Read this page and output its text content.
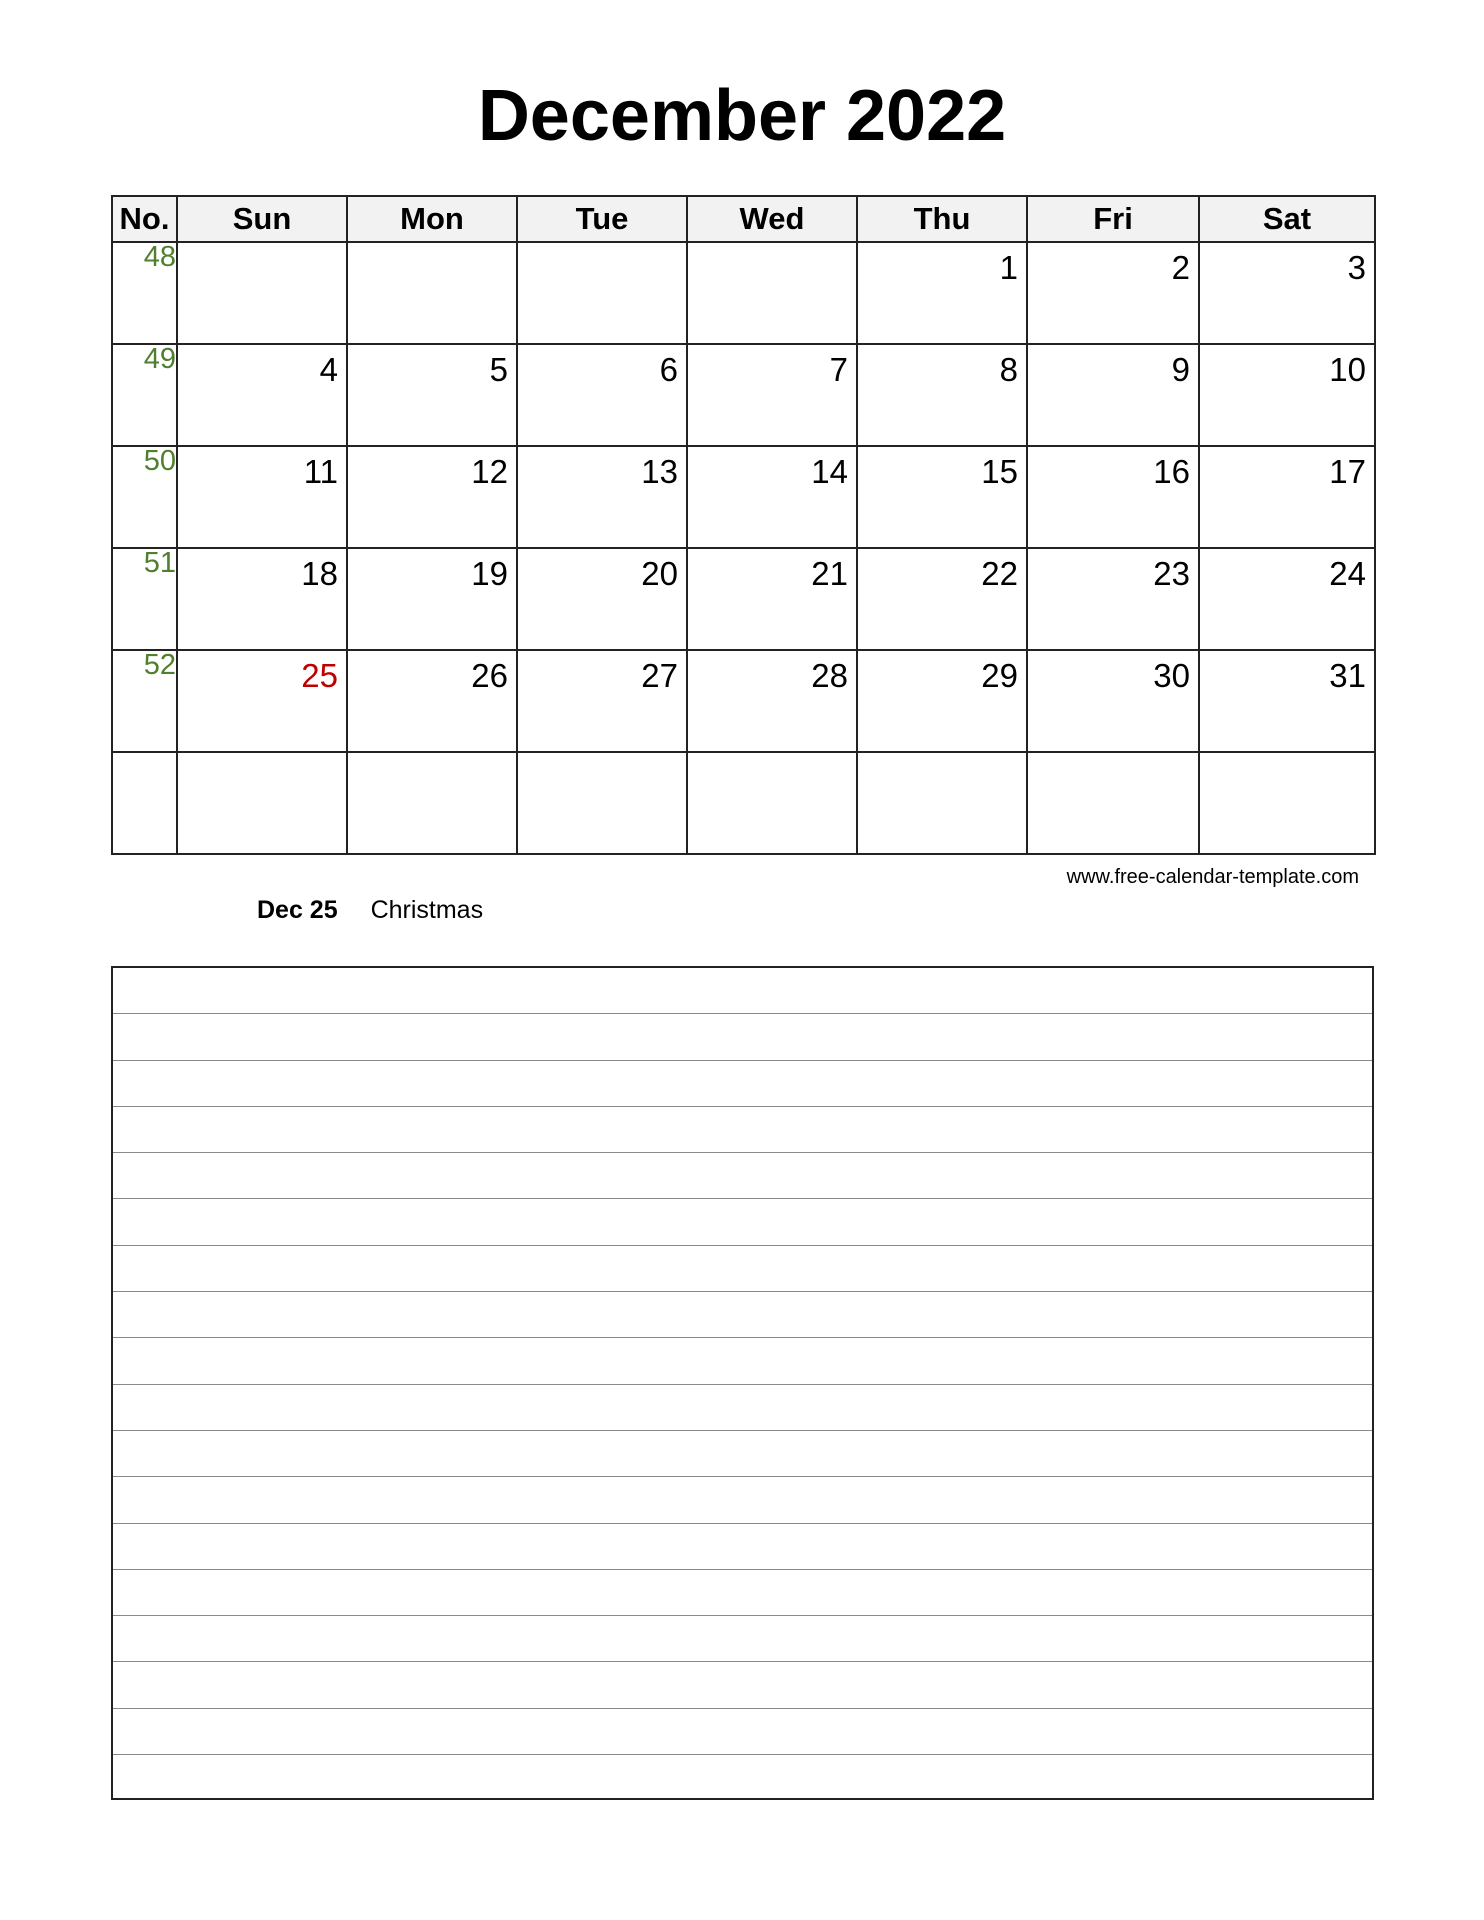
December 2022
No.	Sun	Mon	Tue	Wed	Thu	Fri	Sat
48					1	2	3

49	4	5	6	7	8	9	10

50	11	12	13	14	15	16	17

51	18	19	20	21	22	23	24

52	25	26	27	28	29	30	31

www.free-calendar-template.com
Dec 25 Christmas
